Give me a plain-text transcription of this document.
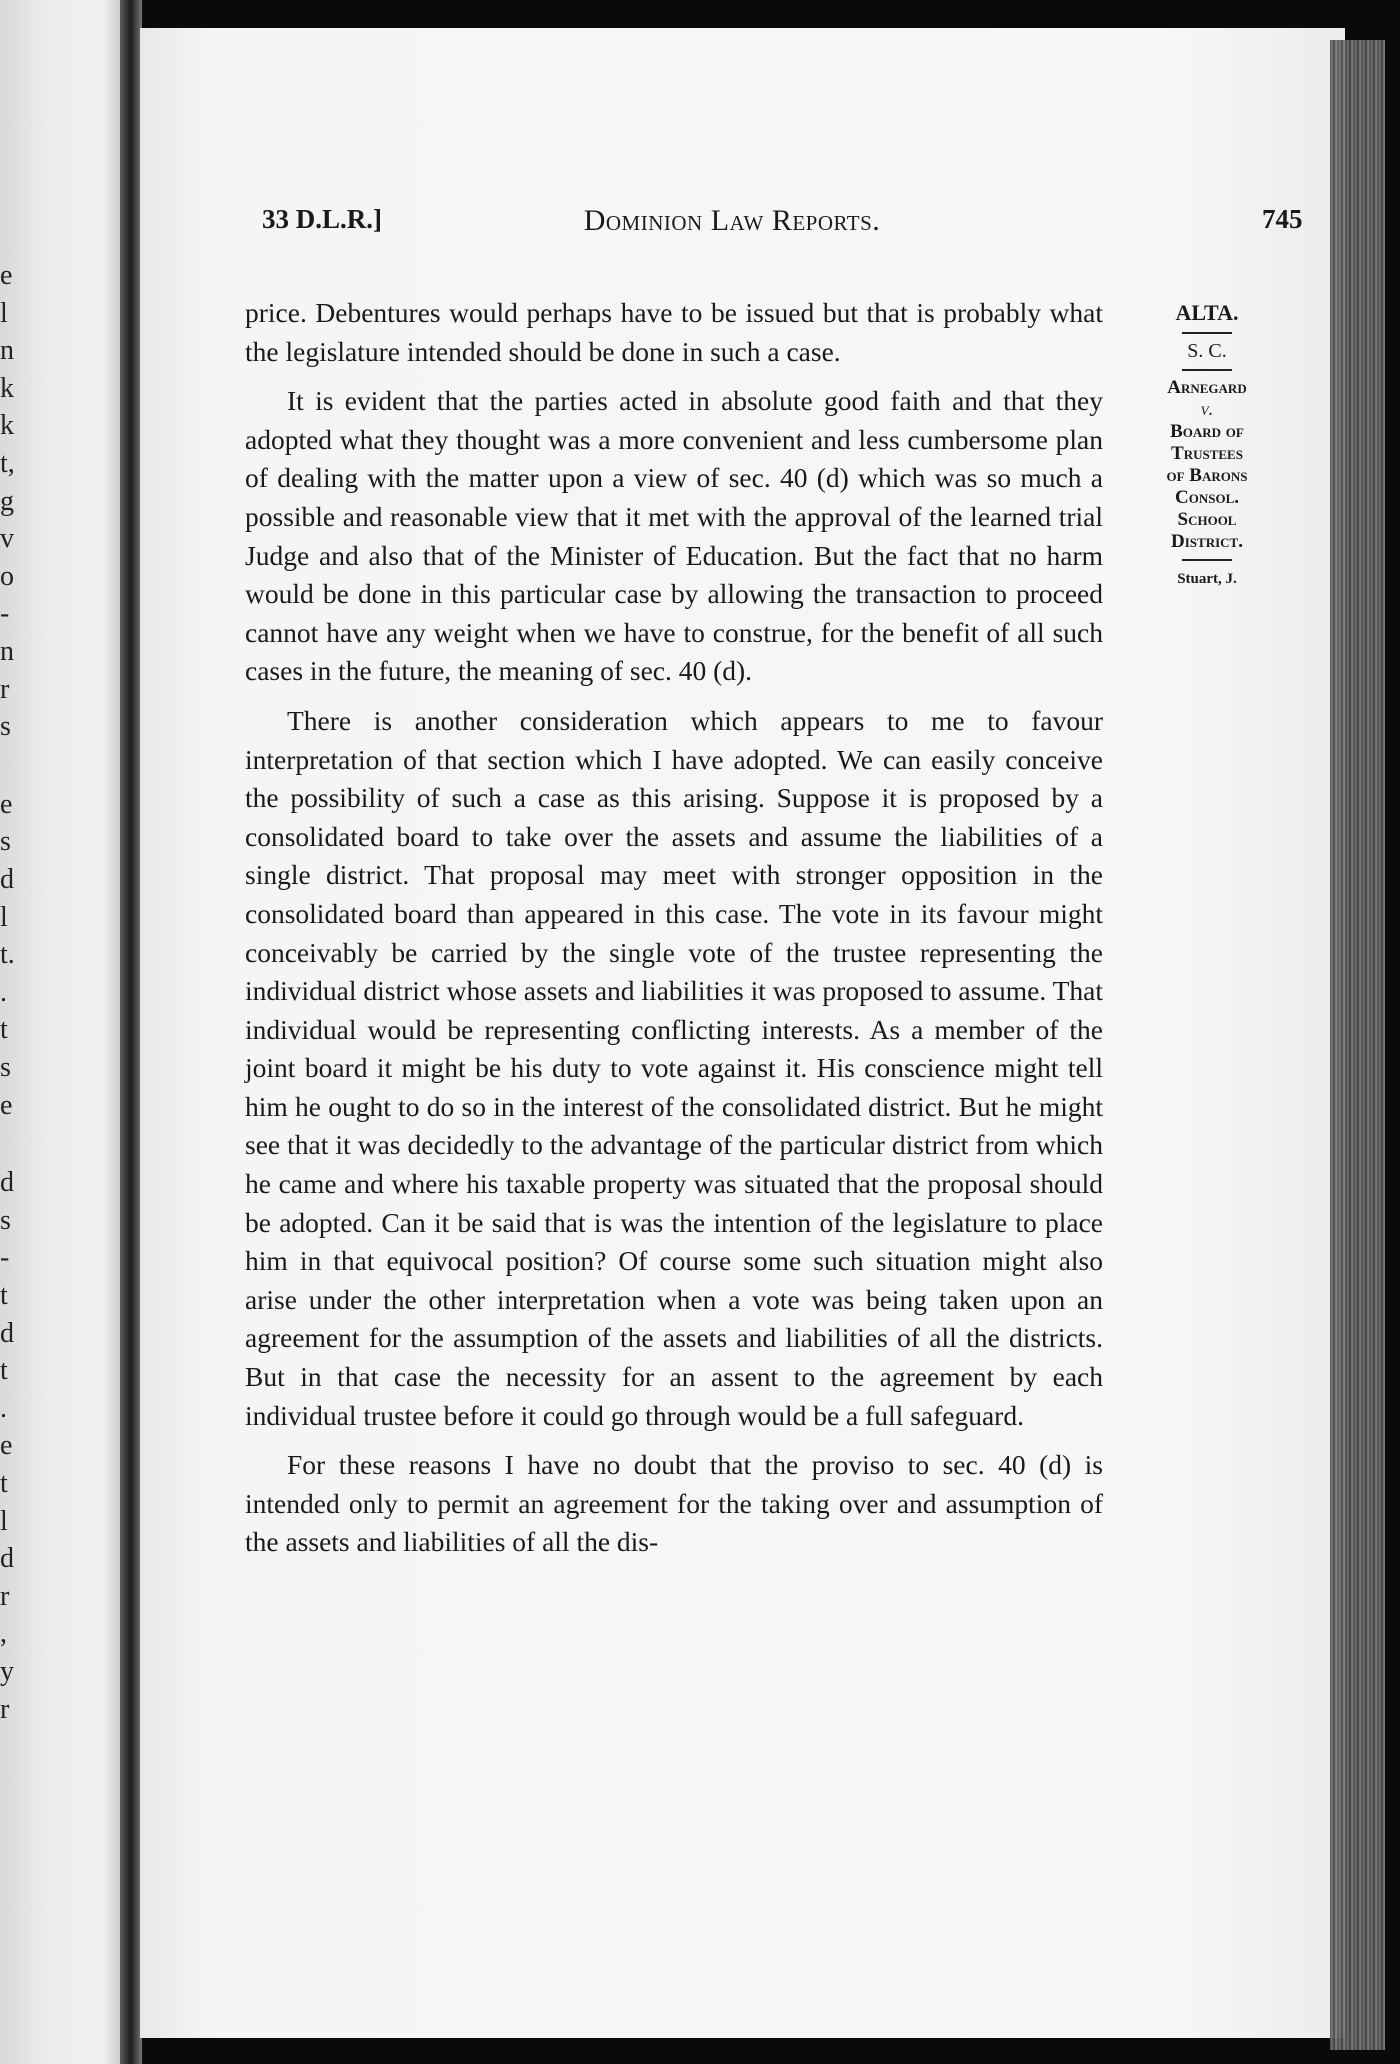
e
l
n
k
k
t,
g
v
o
-
n
r
s
e
s
d
l
t.
.
t
s
e
d
s
-
t
d
t
.
e
t
l
d
r
,
y
r
33 D.L.R.]	Dominion Law Reports.	745

price. Debentures would perhaps have to be issued but that is probably what the legislature intended should be done in such a case.

It is evident that the parties acted in absolute good faith and that they adopted what they thought was a more convenient and less cumbersome plan of dealing with the matter upon a view of sec. 40 (d) which was so much a possible and reasonable view that it met with the approval of the learned trial Judge and also that of the Minister of Education. But the fact that no harm would be done in this particular case by allowing the transaction to proceed cannot have any weight when we have to construe, for the benefit of all such cases in the future, the meaning of sec. 40 (d).

There is another consideration which appears to me to favour interpretation of that section which I have adopted. We can easily conceive the possibility of such a case as this arising. Suppose it is proposed by a consolidated board to take over the assets and assume the liabilities of a single district. That proposal may meet with stronger opposition in the consolidated board than appeared in this case. The vote in its favour might conceivably be carried by the single vote of the trustee representing the individual district whose assets and liabilities it was proposed to assume. That individual would be representing conflicting interests. As a member of the joint board it might be his duty to vote against it. His conscience might tell him he ought to do so in the interest of the consolidated district. But he might see that it was decidedly to the advantage of the particular district from which he came and where his taxable property was situated that the proposal should be adopted. Can it be said that is was the intention of the legislature to place him in that equivocal position? Of course some such situation might also arise under the other interpretation when a vote was being taken upon an agreement for the assumption of the assets and liabilities of all the districts. But in that case the necessity for an assent to the agreement by each individual trustee before it could go through would be a full safeguard.

For these reasons I have no doubt that the proviso to sec. 40 (d) is intended only to permit an agreement for the taking over and assumption of the assets and liabilities of all the dis-

ALTA.
S. C.
Arnegard
v.
Board of
Trustees
of Barons
Consol.
School
District.
Stuart, J.
